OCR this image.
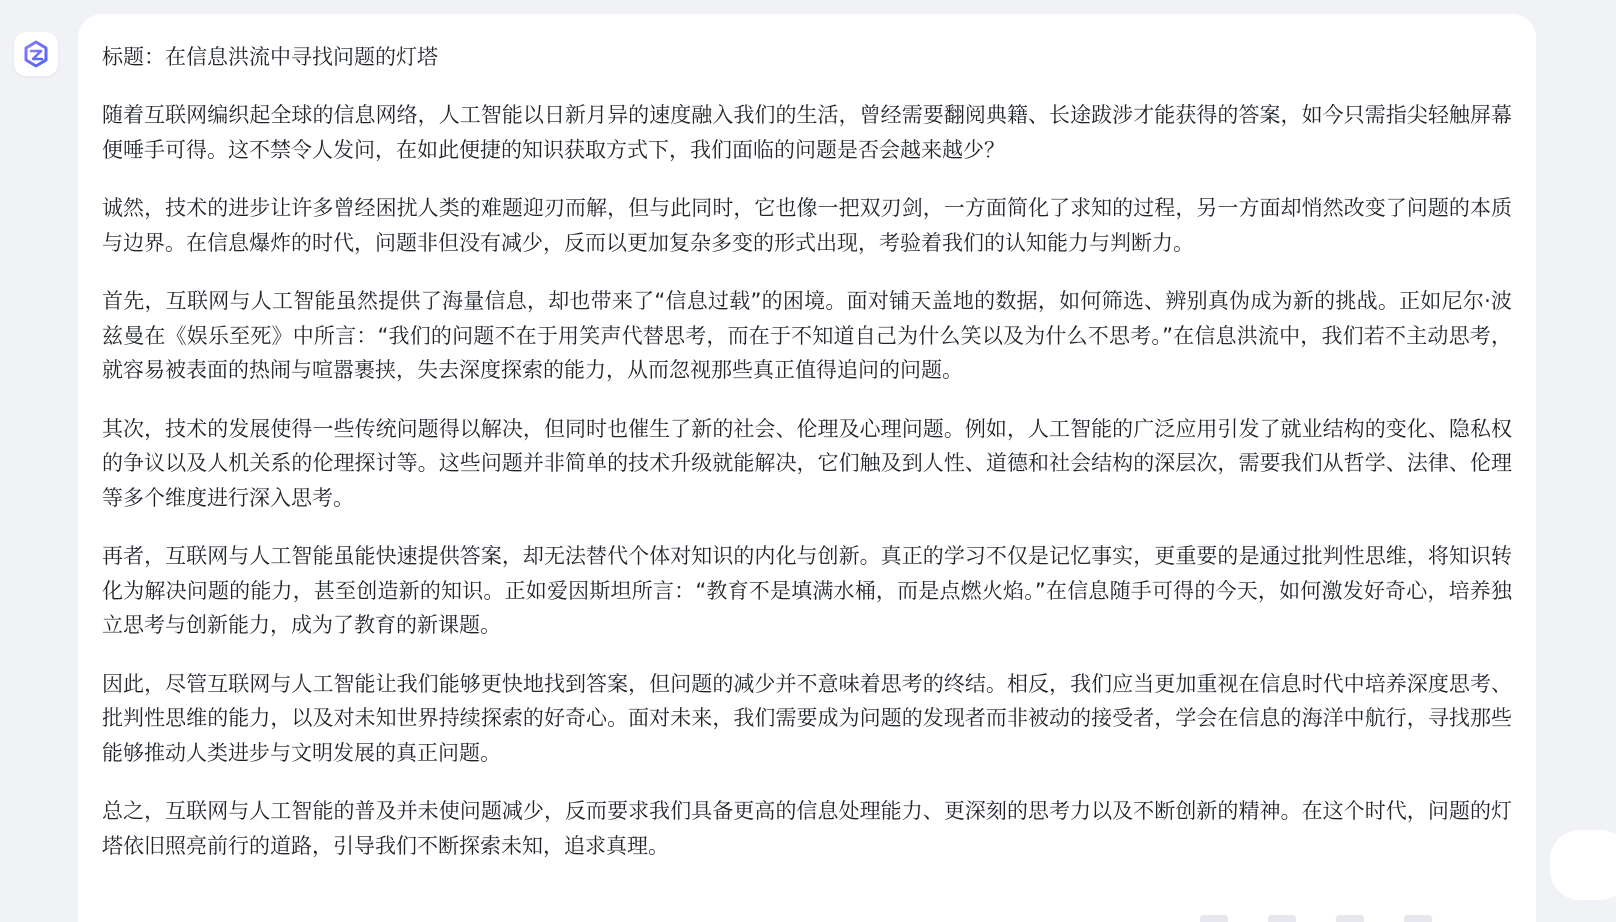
标题：在信息洪流中寻找问题的灯塔
随着互联网编织起全球的信息网络，人工智能以日新月异的速度融入我们的生活，曾经需要翻阅典籍、长途跋涉才能获得的答案，如今只需指尖轻触屏幕便唾手可得。这不禁令人发问，在如此便捷的知识获取方式下，我们面临的问题是否会越来越少？
诚然，技术的进步让许多曾经困扰人类的难题迎刃而解，但与此同时，它也像一把双刃剑，一方面简化了求知的过程，另一方面却悄然改变了问题的本质与边界。在信息爆炸的时代，问题非但没有减少，反而以更加复杂多变的形式出现，考验着我们的认知能力与判断力。
首先，互联网与人工智能虽然提供了海量信息，却也带来了“信息过载”的困境。面对铺天盖地的数据，如何筛选、辨别真伪成为新的挑战。正如尼尔·波兹曼在《娱乐至死》中所言：“我们的问题不在于用笑声代替思考，而在于不知道自己为什么笑以及为什么不思考。”在信息洪流中，我们若不主动思考，就容易被表面的热闹与喧嚣裹挟，失去深度探索的能力，从而忽视那些真正值得追问的问题。
其次，技术的发展使得一些传统问题得以解决，但同时也催生了新的社会、伦理及心理问题。例如，人工智能的广泛应用引发了就业结构的变化、隐私权的争议以及人机关系的伦理探讨等。这些问题并非简单的技术升级就能解决，它们触及到人性、道德和社会结构的深层次，需要我们从哲学、法律、伦理等多个维度进行深入思考。
再者，互联网与人工智能虽能快速提供答案，却无法替代个体对知识的内化与创新。真正的学习不仅是记忆事实，更重要的是通过批判性思维，将知识转化为解决问题的能力，甚至创造新的知识。正如爱因斯坦所言：“教育不是填满水桶，而是点燃火焰。”在信息随手可得的今天，如何激发好奇心，培养独立思考与创新能力，成为了教育的新课题。
因此，尽管互联网与人工智能让我们能够更快地找到答案，但问题的减少并不意味着思考的终结。相反，我们应当更加重视在信息时代中培养深度思考、批判性思维的能力，以及对未知世界持续探索的好奇心。面对未来，我们需要成为问题的发现者而非被动的接受者，学会在信息的海洋中航行，寻找那些能够推动人类进步与文明发展的真正问题。
总之，互联网与人工智能的普及并未使问题减少，反而要求我们具备更高的信息处理能力、更深刻的思考力以及不断创新的精神。在这个时代，问题的灯塔依旧照亮前行的道路，引导我们不断探索未知，追求真理。
